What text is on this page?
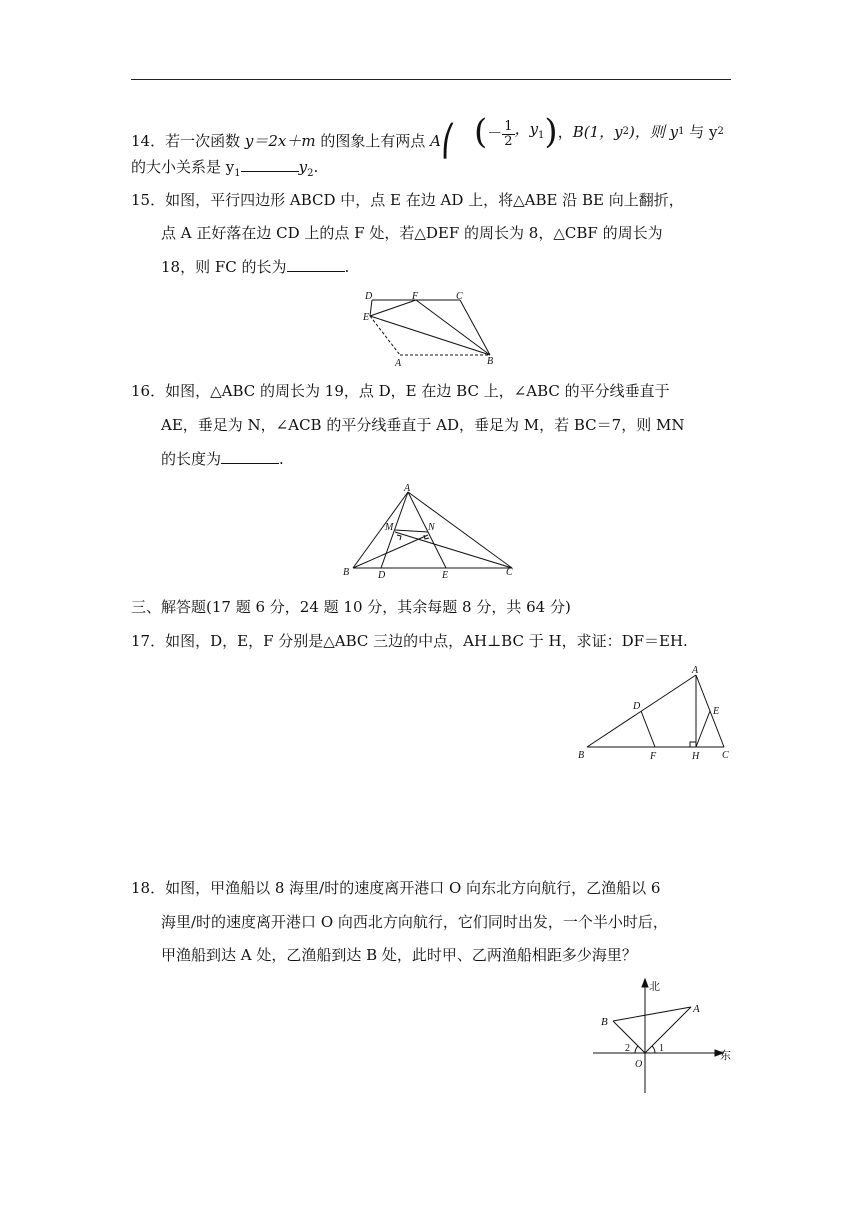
14．若一次函数 y＝2x＋m 的图象上有两点 A⎛ (－ $\frac{1}{2}$ ，$y_1$)，B(1，y2)，则 y1 与 y2
的大小关系是 $y_1$	$y_2$.
15．如图，平行四边形 ABCD 中，点 E 在边 AD 上，将△ABE 沿 BE 向上翻折，
点 A 正好落在边 CD 上的点 F 处，若△DEF 的周长为 8，△CBF 的周长为
18，则 FC 的长为	.
D	F	C
E
A	B
16．如图，△ABC 的周长为 19，点 D，E 在边 BC 上，∠ABC 的平分线垂直于
AE，垂足为 N，∠ACB 的平分线垂直于 AD，垂足为 M，若 BC＝7，则 MN
的长度为	.
A
M	N
B	D	E	C
三、解答题(17 题 6 分，24 题 10 分，其余每题 8 分，共 64 分)
17．如图，D，E，F 分别是△ABC 三边的中点，AH⊥BC 于 H，求证：DF＝EH.
A
D	E
B	F	H C
18．如图，甲渔船以 8 海里/时的速度离开港口 O 向东北方向航行，乙渔船以 6
海里/时的速度离开港口 O 向西北方向航行，它们同时出发，一个半小时后，
甲渔船到达 A 处，乙渔船到达 B 处，此时甲、乙两渔船相距多少海里？
北
东
A
B
O
1
2
